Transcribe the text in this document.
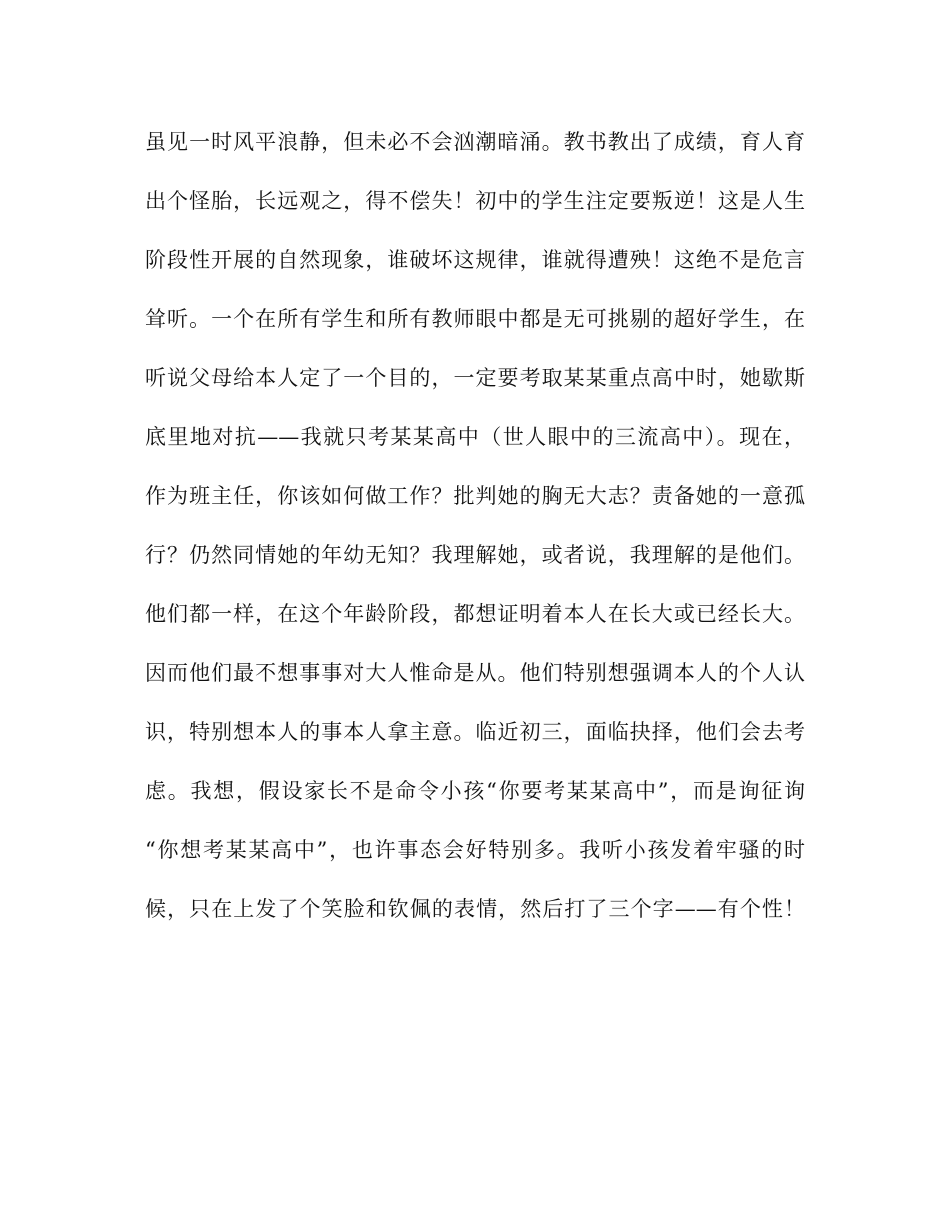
虽见一时风平浪静，但未必不会汹潮暗涌。教书教出了成绩，育人育
出个怪胎，长远观之，得不偿失！初中的学生注定要叛逆！这是人生
阶段性开展的自然现象，谁破坏这规律，谁就得遭殃！这绝不是危言
耸听。一个在所有学生和所有教师眼中都是无可挑剔的超好学生，在
听说父母给本人定了一个目的，一定要考取某某重点高中时，她歇斯
底里地对抗——我就只考某某高中（世人眼中的三流高中）。现在，
作为班主任，你该如何做工作？批判她的胸无大志？责备她的一意孤
行？仍然同情她的年幼无知？我理解她，或者说，我理解的是他们。
他们都一样，在这个年龄阶段，都想证明着本人在长大或已经长大。
因而他们最不想事事对大人惟命是从。他们特别想强调本人的个人认
识，特别想本人的事本人拿主意。临近初三，面临抉择，他们会去考
虑。我想，假设家长不是命令小孩“你要考某某高中”，而是询征询
“你想考某某高中”，也许事态会好特别多。我听小孩发着牢骚的时
候，只在上发了个笑脸和钦佩的表情，然后打了三个字——有个性！
